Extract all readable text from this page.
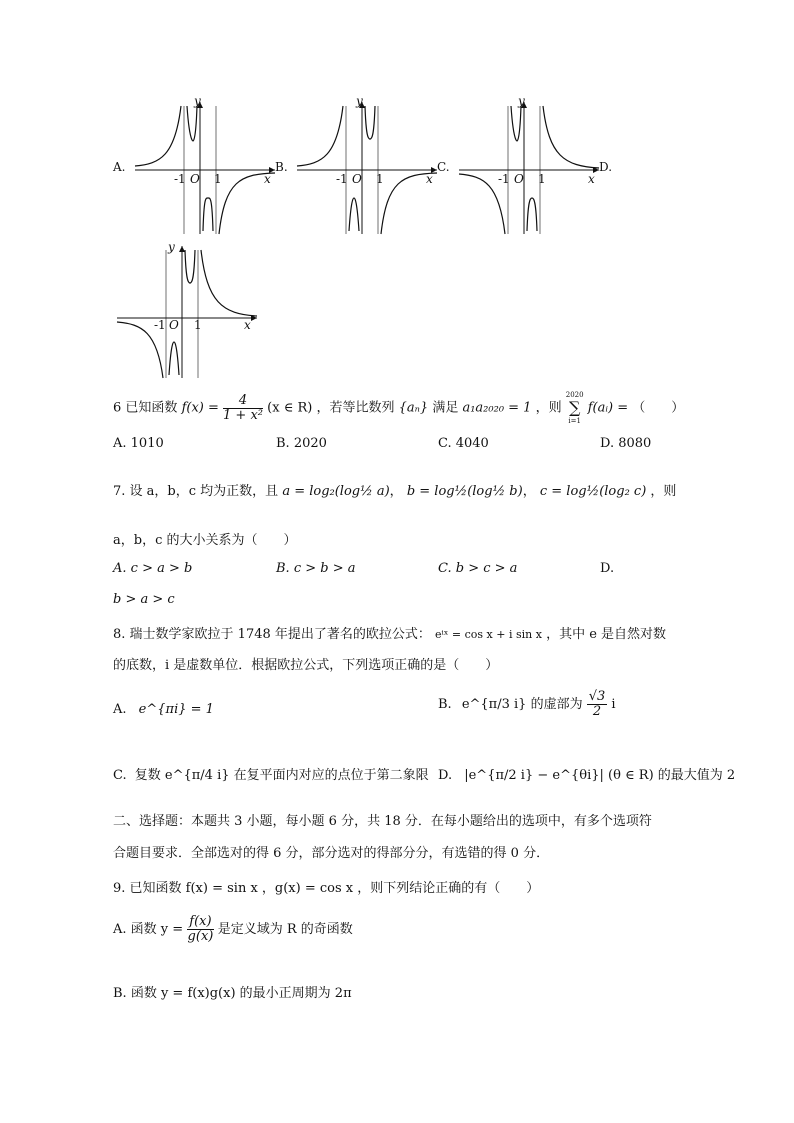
A.
y
x
-1 O 1
B.
y
x
-1 O 1
C.
y
x
-1 O 1
D.
y
x
-1 O 1
6 已知函数 $f(x) = \frac{4}{\text{1 + x²}} (x$ ∈ R) ，若等比数列 {aₙ} 满足 a₁a₂₀₂₀ = 1 ，则
2020
∑
i=1
f(aᵢ) = （　　）
A. 1010	B. 2020	C. 4040	D. 8080
7. 设 a，b，c 均为正数，且 a = log₂(log½ a)， b = log½(log½ b)， c = log½(log₂ c) ，则
a，b，c 的大小关系为（　　）
A. c > a > b	B. c > b > a	C. b > c > a	D.
b > a > c
8. 瑞士数学家欧拉于 1748 年提出了著名的欧拉公式： eⁱˣ = cos x + i sin x ，其中 e 是自然对数
的底数，i 是虚数单位．根据欧拉公式，下列选项正确的是（　　）
A. e^{πi} = 1	B. e^{π/3 i} 的虚部为 $\frac{√3}{2}$ i
C. 复数 e^{π/4 i} 在复平面内对应的点位于第二象限 D. |e^{π/2 i} − e^{θi}| (θ ∈ R) 的最大值为 2
二、选择题：本题共 3 小题，每小题 6 分，共 18 分．在每小题给出的选项中，有多个选项符
合题目要求．全部选对的得 6 分，部分选对的得部分分，有选错的得 0 分．
9. 已知函数 f(x) = sin x ，g(x) = cos x ，则下列结论正确的有（　　）
A. 函数 $y = \frac{f(x)}{g(x)}$ 是定义域为 R 的奇函数
B. 函数 y = f(x)g(x) 的最小正周期为 2π
